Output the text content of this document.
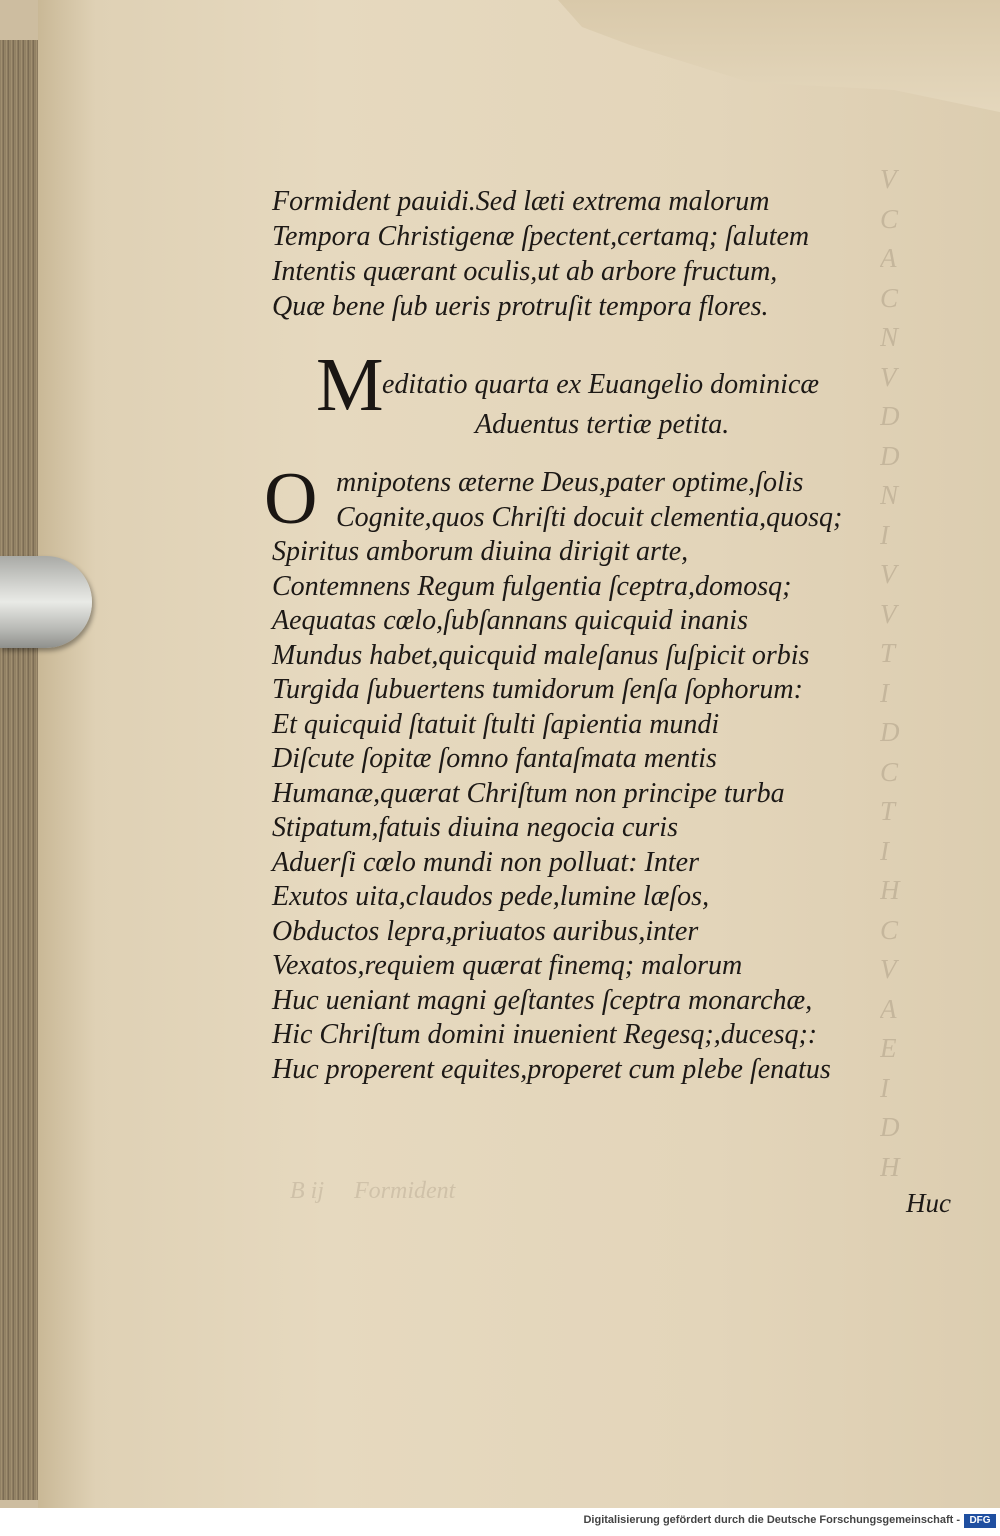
V
C
A
C
N
V
D
D
N
I
V
V
T
I
D
C
T
I
H
C
V
A
E
I
D
H
B ij     Formident
Formident pauidi.Sed læti extrema malorum
Tempora Christigenæ ſpectent,certamq; ſalutem
Intentis quærant oculis,ut ab arbore fructum,
Quæ bene ſub ueris protruſit tempora flores.
M
editatio quarta ex Euangelio dominicæ
Aduentus tertiæ petita.
O mnipotens æterne Deus,pater optime,ſolis
Cognite,quos Chriſti docuit clementia,quosq;
Spiritus amborum diuina dirigit arte,
Contemnens Regum fulgentia ſceptra,domosq;
Aequatas cœlo,ſubſannans quicquid inanis
Mundus habet,quicquid maleſanus ſuſpicit orbis
Turgida ſubuertens tumidorum ſenſa ſophorum:
Et quicquid ſtatuit ſtulti ſapientia mundi
Diſcute ſopitæ ſomno fantaſmata mentis
Humanæ,quærat Chriſtum non principe turba
Stipatum,fatuis diuina negocia curis
Aduerſi cœlo mundi non polluat: Inter
Exutos uita,claudos pede,lumine læſos,
Obductos lepra,priuatos auribus,inter
Vexatos,requiem quærat finemq; malorum
Huc ueniant magni geſtantes ſceptra monarchæ,
Hic Chriſtum domini inuenient Regesq;,ducesq;:
Huc properent equites,properet cum plebe ſenatus
Huc
Digitalisierung gefördert durch die Deutsche Forschungsgemeinschaft - DFG
